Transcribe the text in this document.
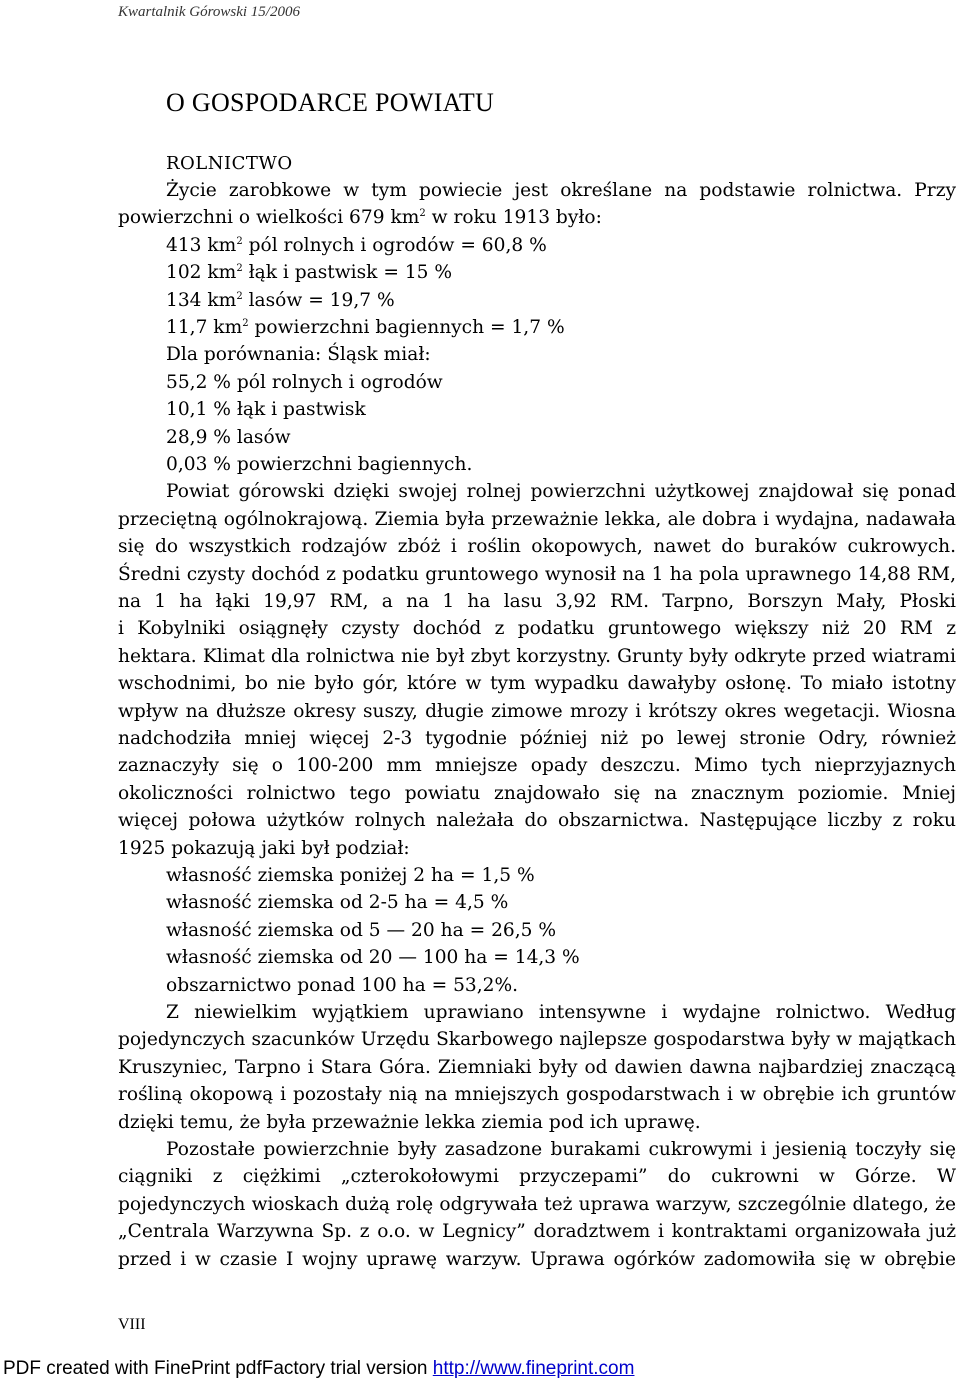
Kwartalnik Górowski 15/2006
O GOSPODARCE POWIATU
ROLNICTWO
Życie zarobkowe w tym powiecie jest określane na podstawie rolnictwa. Przy
powierzchni o wielkości 679 $km^2$ w roku 1913 było:
413 $km^2$ pól rolnych i ogrodów = 60,8 %
102 $km^2$ łąk i pastwisk = 15 %
134 $km^2$ lasów = 19,7 %
11,7 $km^2$ powierzchni bagiennych = 1,7 %
Dla porównania: Śląsk miał:
55,2 % pól rolnych i ogrodów
10,1 % łąk i pastwisk
28,9 % lasów
0,03 % powierzchni bagiennych.
Powiat górowski dzięki swojej rolnej powierzchni użytkowej znajdował się ponad
przeciętną ogólnokrajową. Ziemia była przeważnie lekka, ale dobra i wydajna, nadawała
się do wszystkich rodzajów zbóż i roślin okopowych, nawet do buraków cukrowych.
Średni czysty dochód z podatku gruntowego wynosił na 1 ha pola uprawnego 14,88 RM,
na 1 ha łąki 19,97 RM, a na 1 ha lasu 3,92 RM. Tarpno, Borszyn Mały, Płoski
i Kobylniki osiągnęły czysty dochód z podatku gruntowego większy niż 20 RM z
hektara. Klimat dla rolnictwa nie był zbyt korzystny. Grunty były odkryte przed wiatrami
wschodnimi, bo nie było gór, które w tym wypadku dawałyby osłonę. To miało istotny
wpływ na dłuższe okresy suszy, długie zimowe mrozy i krótszy okres wegetacji. Wiosna
nadchodziła mniej więcej 2-3 tygodnie później niż po lewej stronie Odry, również
zaznaczyły się o 100-200 mm mniejsze opady deszczu. Mimo tych nieprzyjaznych
okoliczności rolnictwo tego powiatu znajdowało się na znacznym poziomie. Mniej
więcej połowa użytków rolnych należała do obszarnictwa. Następujące liczby z roku
1925 pokazują jaki był podział:
własność ziemska poniżej 2 ha = 1,5 %
własność ziemska od 2-5 ha = 4,5 %
własność ziemska od 5 — 20 ha = 26,5 %
własność ziemska od 20 — 100 ha = 14,3 %
obszarnictwo ponad 100 ha = 53,2%.
Z niewielkim wyjątkiem uprawiano intensywne i wydajne rolnictwo. Według
pojedynczych szacunków Urzędu Skarbowego najlepsze gospodarstwa były w majątkach
Kruszyniec, Tarpno i Stara Góra. Ziemniaki były od dawien dawna najbardziej znaczącą
rośliną okopową i pozostały nią na mniejszych gospodarstwach i w obrębie ich gruntów
dzięki temu, że była przeważnie lekka ziemia pod ich uprawę.
Pozostałe powierzchnie były zasadzone burakami cukrowymi i jesienią toczyły się
ciągniki z ciężkimi „czterokołowymi przyczepami” do cukrowni w Górze. W
pojedynczych wioskach dużą rolę odgrywała też uprawa warzyw, szczególnie dlatego, że
„Centrala Warzywna Sp. z o.o. w Legnicy” doradztwem i kontraktami organizowała już
przed i w czasie I wojny uprawę warzyw. Uprawa ogórków zadomowiła się w obrębie
VIII
PDF created with FinePrint pdfFactory trial version http://www.fineprint.com
